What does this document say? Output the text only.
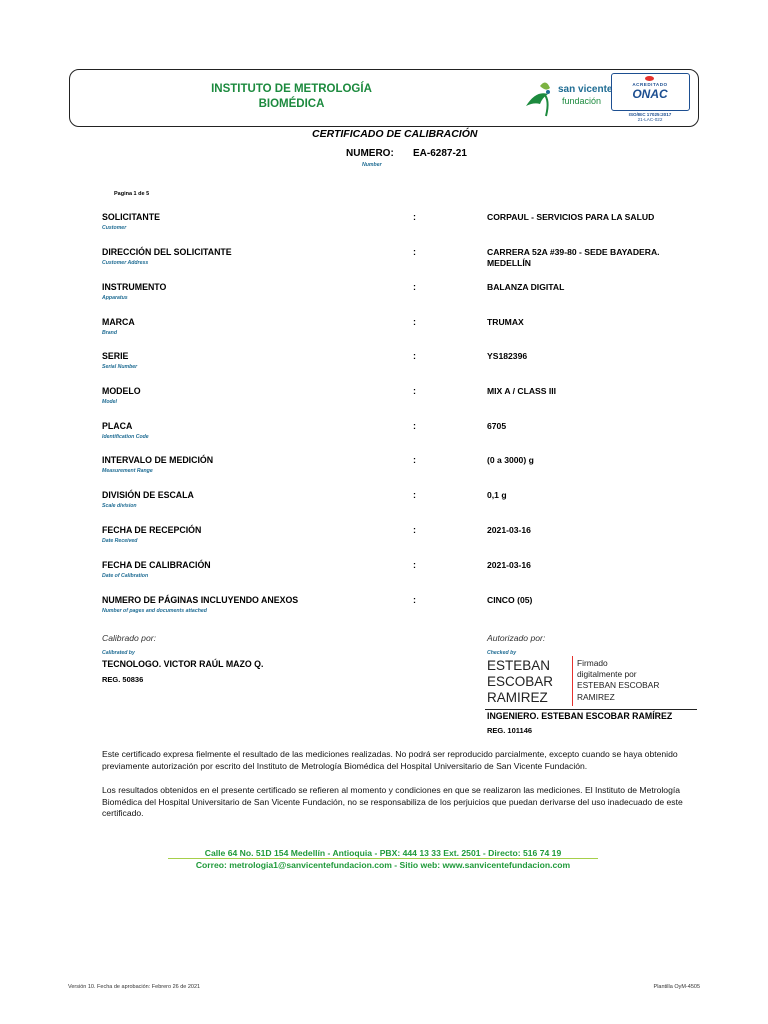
INSTITUTO DE METROLOGÍA
BIOMÉDICA
san vicente
fundación
ACREDITADO
ONAC
ISO/IEC 17025:2017
21-LAC-022
CERTIFICADO DE CALIBRACIÓN
NUMERO: EA-6287-21
Number
Pagina 1 de 5
SOLICITANTE
Customer
:	CORPAUL - SERVICIOS PARA LA SALUD
DIRECCIÓN DEL SOLICITANTE
Customer Address
:	CARRERA 52A #39-80 - SEDE BAYADERA.
MEDELLÍN
INSTRUMENTO
Apparatus
:	BALANZA DIGITAL
MARCA
Brand
:	TRUMAX
SERIE
Serial Number
:	YS182396
MODELO
Model
:	MIX A / CLASS III
PLACA
Identification Code
:	6705
INTERVALO DE MEDICIÓN
Measurement Range
:	(0 a 3000) g
DIVISIÓN DE ESCALA
Scale division
:	0,1 g
FECHA DE RECEPCIÓN
Date Received
:	2021-03-16
FECHA DE CALIBRACIÓN
Date of Calibration
:	2021-03-16
NUMERO DE PÁGINAS INCLUYENDO ANEXOS
Number of pages and documents attached
:	CINCO (05)
Calibrado por:
Calibrated by
TECNOLOGO. VICTOR RAÚL MAZO Q.
REG. 50836
Autorizado por:
Checked by
ESTEBAN
ESCOBAR
RAMIREZ
Firmado
digitalmente por
ESTEBAN ESCOBAR
RAMIREZ
INGENIERO. ESTEBAN ESCOBAR RAMÍREZ
REG. 101146
Este certificado expresa fielmente el resultado de las mediciones realizadas. No podrá ser reproducido parcialmente, excepto cuando se haya obtenido
previamente autorización por escrito del Instituto de Metrología Biomédica del Hospital Universitario de San Vicente Fundación.
Los resultados obtenidos en el presente certificado se refieren al momento y condiciones en que se realizaron las mediciones. El Instituto de Metrología
Biomédica del Hospital Universitario de San Vicente Fundación, no se responsabiliza de los perjuicios que puedan derivarse del uso inadecuado de este
certificado.
Calle 64 No. 51D 154 Medellín - Antioquia - PBX: 444 13 33 Ext. 2501 - Directo: 516 74 19
Correo: metrologia1@sanvicentefundacion.com - Sitio web: www.sanvicentefundacion.com
Versión 10. Fecha de aprobación: Febrero 26 de 2021	Plantilla OyM-4505
